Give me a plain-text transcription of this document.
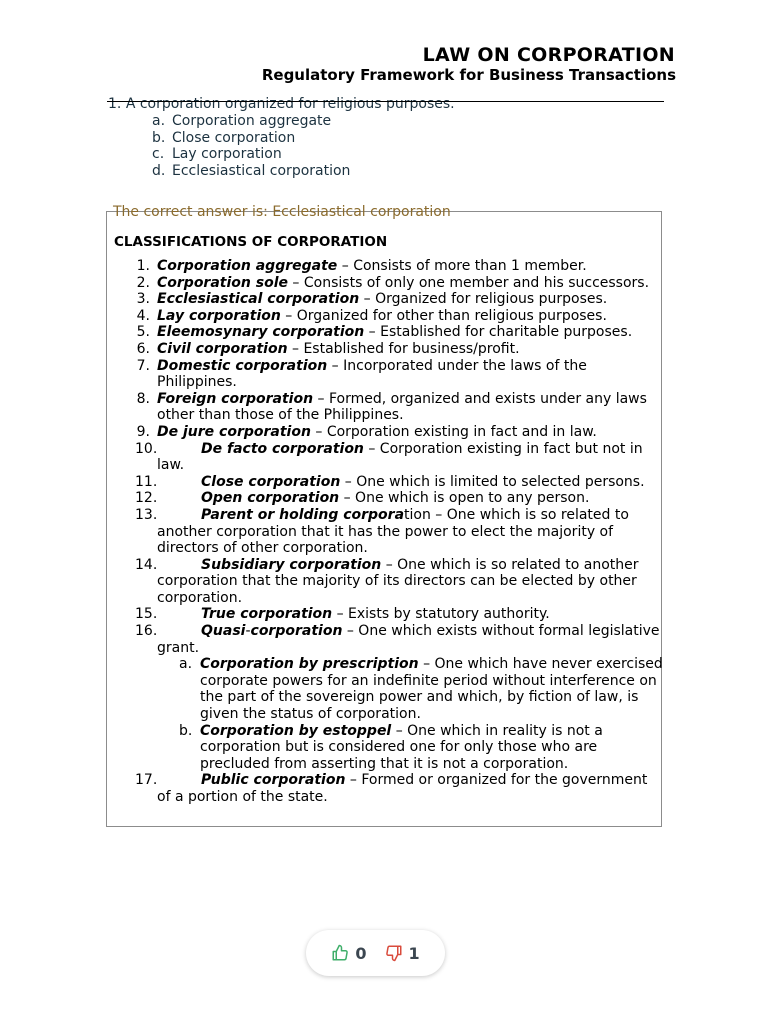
LAW ON CORPORATION
Regulatory Framework for Business Transactions
1. A corporation organized for religious purposes.
a. Corporation aggregate
b. Close corporation
c. Lay corporation
d. Ecclesiastical corporation
The correct answer is: Ecclesiastical corporation
CLASSIFICATIONS OF CORPORATION
1. Corporation aggregate – Consists of more than 1 member.
2. Corporation sole – Consists of only one member and his successors.
3. Ecclesiastical corporation – Organized for religious purposes.
4. Lay corporation – Organized for other than religious purposes.
5. Eleemosynary corporation – Established for charitable purposes.
6. Civil corporation – Established for business/profit.
7. Domestic corporation – Incorporated under the laws of the Philippines.
8. Foreign corporation – Formed, organized and exists under any laws other than those of the Philippines.
9. De jure corporation – Corporation existing in fact and in law.
10.	De facto corporation – Corporation existing in fact but not in law.
11.	Close corporation – One which is limited to selected persons.
12.	Open corporation – One which is open to any person.
13.	Parent or holding corporation – One which is so related to another corporation that it has the power to elect the majority of directors of other corporation.
14.	Subsidiary corporation – One which is so related to another corporation that the majority of its directors can be elected by other corporation.
15.	True corporation – Exists by statutory authority.
16.	Quasi-corporation – One which exists without formal legislative grant.
a. Corporation by prescription – One which have never exercised corporate powers for an indefinite period without interference on the part of the sovereign power and which, by fiction of law, is given the status of corporation.
b. Corporation by estoppel – One which in reality is not a corporation but is considered one for only those who are precluded from asserting that it is not a corporation.
17.	Public corporation – Formed or organized for the government of a portion of the state.
0	1
